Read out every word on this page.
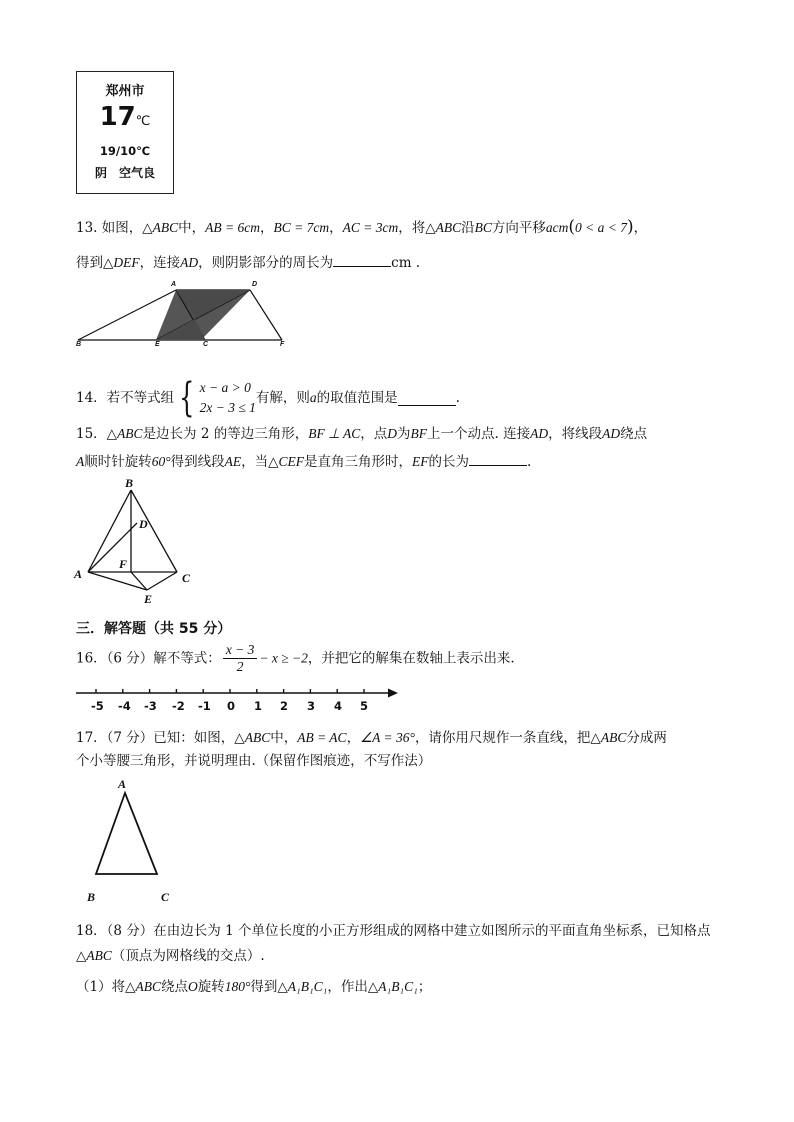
郑州市
17℃
19/10℃
阴　空气良
13. 如图，△ABC中，AB = 6cm，BC = 7cm，AC = 3cm，将△ABC沿BC方向平移acm(0 < a < 7)，
得到△DEF，连接AD，则阴影部分的周长为	cm .
A	D
B	E	C	F
14．若不等式组 { x − a > 0
2x − 3 ≤ 1
有解，则a的取值范围是	.
15．△ABC是边长为 2 的等边三角形，BF ⊥ AC，点D为BF上一个动点. 连接AD，将线段AD绕点
A顺时针旋转60°得到线段AE，当△CEF是直角三角形时，EF的长为	.
B
D
F
A	C
E
三．解答题（共 55 分）
16．（6 分）解不等式： $\frac{x - 3}{2} - x \ge -2$，并把它的解集在数轴上表示出来.
-5 -4 -3 -2 -1 0 1 2 3 4 5
17．（7 分）已知：如图，△ABC中，AB = AC，∠A = 36°，请你用尺规作一条直线，把△ABC分成两
个小等腰三角形，并说明理由.（保留作图痕迹，不写作法）
A
B	C
18．（8 分）在由边长为 1 个单位长度的小正方形组成的网格中建立如图所示的平面直角坐标系，已知格点
△ABC（顶点为网格线的交点）.
（1）将△ABC绕点O旋转180°得到△A₁B₁C₁，作出△A₁B₁C₁；
